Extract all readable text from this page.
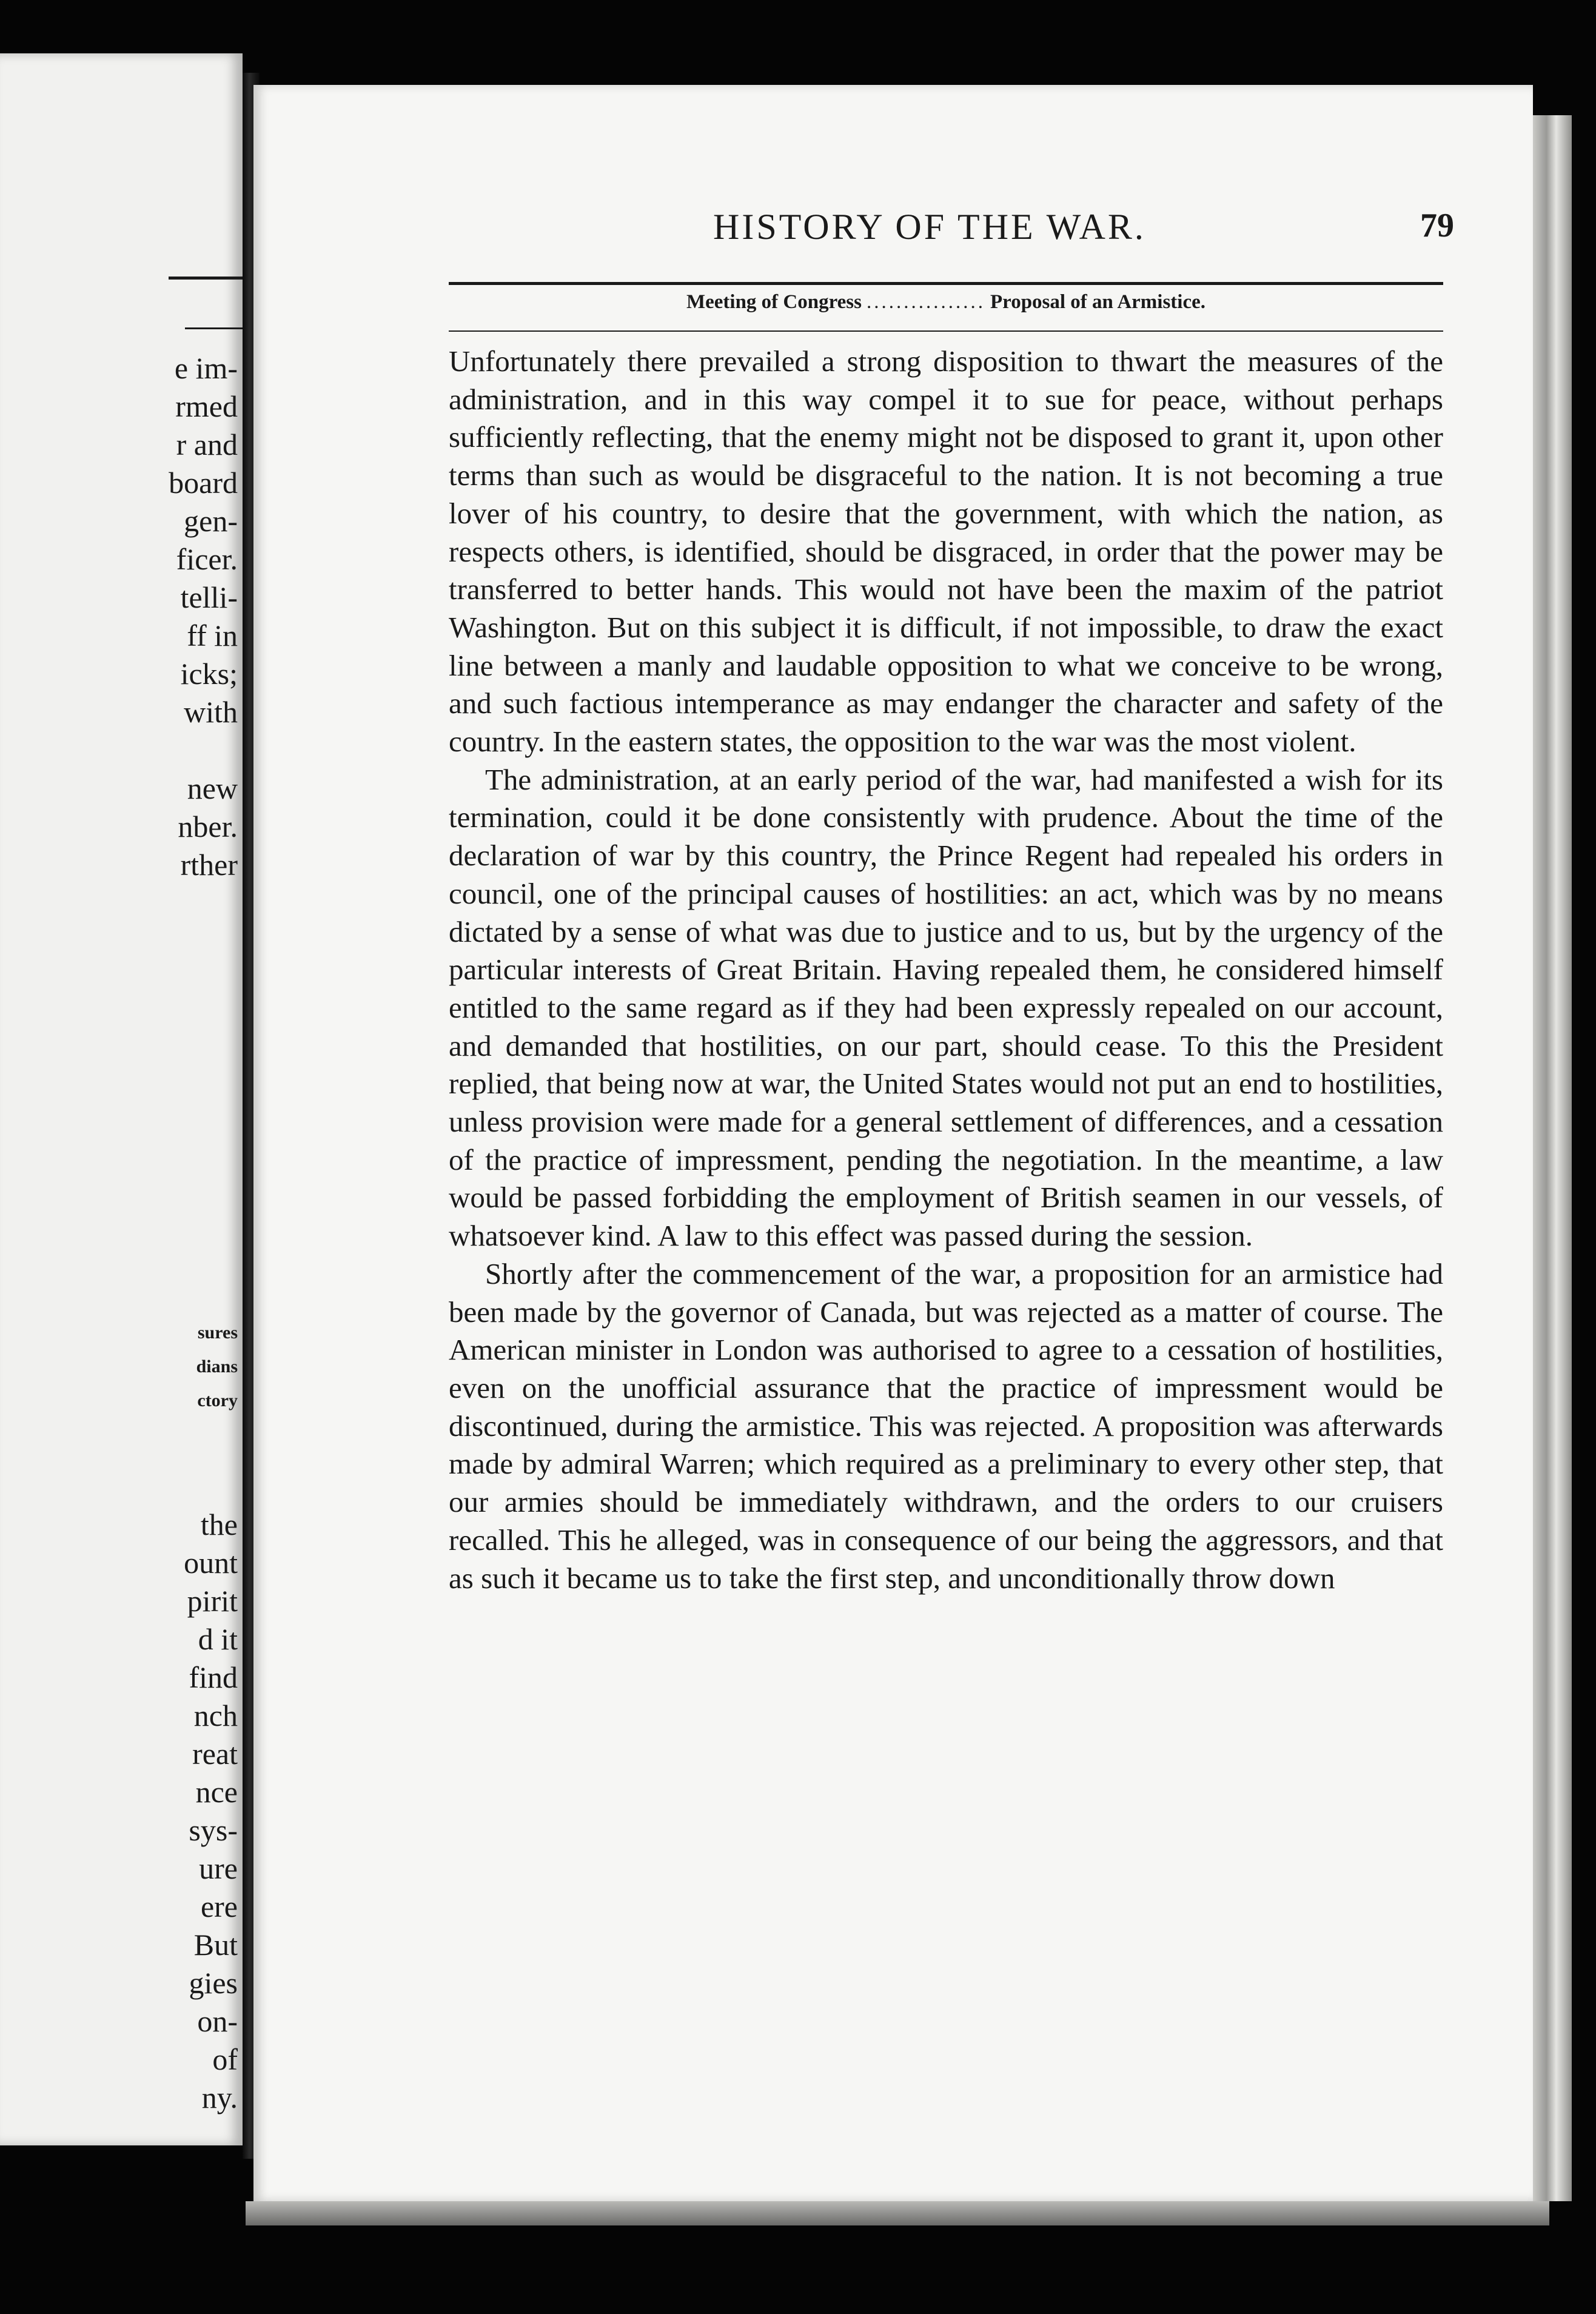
e im-
rmed
r and
board
gen-
ficer.
telli-
ff in
icks;
with

new
nber.
rther
sures
dians
ctory
the
ount
pirit
d it
find
nch
reat
nce
sys-
ure
ere
But
gies
on-
of
ny.
HISTORY OF THE WAR.	79
Meeting of Congress ................ Proposal of an Armistice.

Unfortunately there prevailed a strong disposition to thwart the measures of the administration, and in this way compel it to sue for peace, without perhaps sufficiently reflecting, that the enemy might not be disposed to grant it, upon other terms than such as would be disgraceful to the nation. It is not becoming a true lover of his country, to desire that the government, with which the nation, as respects others, is identified, should be disgraced, in order that the power may be transferred to better hands. This would not have been the maxim of the patriot Washington. But on this subject it is difficult, if not impossible, to draw the exact line between a manly and laudable opposition to what we conceive to be wrong, and such factious intemperance as may endanger the character and safety of the country. In the eastern states, the opposition to the war was the most violent.

The administration, at an early period of the war, had manifested a wish for its termination, could it be done consistently with prudence. About the time of the declaration of war by this country, the Prince Regent had repealed his orders in council, one of the principal causes of hostilities: an act, which was by no means dictated by a sense of what was due to justice and to us, but by the urgency of the particular interests of Great Britain. Having repealed them, he considered himself entitled to the same regard as if they had been expressly repealed on our account, and demanded that hostilities, on our part, should cease. To this the President replied, that being now at war, the United States would not put an end to hostilities, unless provision were made for a general settlement of differences, and a cessation of the practice of impressment, pending the negotiation. In the meantime, a law would be passed forbidding the employment of British seamen in our vessels, of whatsoever kind. A law to this effect was passed during the session.

Shortly after the commencement of the war, a proposition for an armistice had been made by the governor of Canada, but was rejected as a matter of course. The American minister in London was authorised to agree to a cessation of hostilities, even on the unofficial assurance that the practice of impressment would be discontinued, during the armistice. This was rejected. A proposition was afterwards made by admiral Warren; which required as a preliminary to every other step, that our armies should be immediately withdrawn, and the orders to our cruisers recalled. This he alleged, was in consequence of our being the aggressors, and that as such it became us to take the first step, and unconditionally throw down
